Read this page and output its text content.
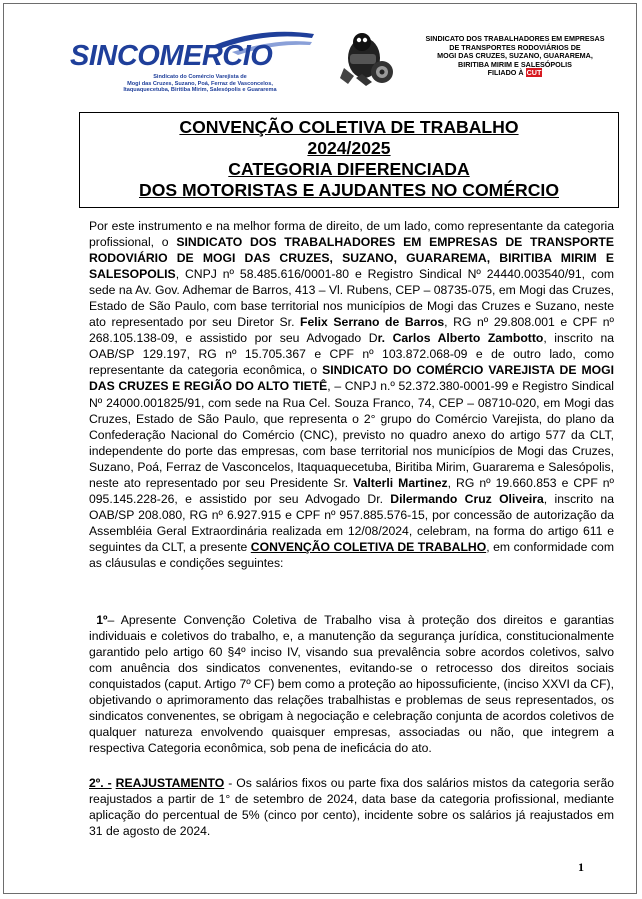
SINCOMERCIO
Sindicato do Comércio Varejista de
Mogi das Cruzes, Suzano, Poá, Ferraz de Vasconcelos,
Itaquaquecetuba, Biritiba Mirim, Salesópolis e Guararema
SINDICATO DOS TRABALHADORES EM EMPRESAS
DE TRANSPORTES RODOVIÁRIOS DE
MOGI DAS CRUZES, SUZANO, GUARAREMA,
BIRITIBA MIRIM E SALESÓPOLIS
FILIADO À CUT
CONVENÇÃO COLETIVA DE TRABALHO
2024/2025
CATEGORIA DIFERENCIADA
DOS MOTORISTAS E AJUDANTES NO COMÉRCIO

Por este instrumento e na melhor forma de direito, de um lado, como representante da categoria profissional, o SINDICATO DOS TRABALHADORES EM EMPRESAS DE TRANSPORTE RODOVIÁRIO DE MOGI DAS CRUZES, SUZANO, GUARAREMA, BIRITIBA MIRIM E SALESOPOLIS, CNPJ nº 58.485.616/0001-80 e Registro Sindical Nº 24440.003540/91, com sede na Av. Gov. Adhemar de Barros, 413 – Vl. Rubens, CEP – 08735-075, em Mogi das Cruzes, Estado de São Paulo, com base territorial nos municípios de Mogi das Cruzes e Suzano, neste ato representado por seu Diretor Sr. Felix Serrano de Barros, RG nº 29.808.001 e CPF nº 268.105.138-09, e assistido por seu Advogado Dr. Carlos Alberto Zambotto, inscrito na OAB/SP 129.197, RG nº 15.705.367 e CPF nº 103.872.068-09 e de outro lado, como representante da categoria econômica, o SINDICATO DO COMÉRCIO VAREJISTA DE MOGI DAS CRUZES E REGIÃO DO ALTO TIETÊ, – CNPJ n.º 52.372.380-0001-99 e Registro Sindical Nº 24000.001825/91, com sede na Rua Cel. Souza Franco, 74, CEP – 08710-020, em Mogi das Cruzes, Estado de São Paulo, que representa o 2° grupo do Comércio Varejista, do plano da Confederação Nacional do Comércio (CNC), previsto no quadro anexo do artigo 577 da CLT, independente do porte das empresas, com base territorial nos municípios de Mogi das Cruzes, Suzano, Poá, Ferraz de Vasconcelos, Itaquaquecetuba, Biritiba Mirim, Guararema e Salesópolis, neste ato representado por seu Presidente Sr. Valterli Martinez, RG nº 19.660.853 e CPF nº 095.145.228-26, e assistido por seu Advogado Dr. Dilermando Cruz Oliveira, inscrito na OAB/SP 208.080, RG nº 6.927.915 e CPF nº 957.885.576-15, por concessão de autorização da Assembléia Geral Extraordinária realizada em 12/08/2024, celebram, na forma do artigo 611 e seguintes da CLT, a presente CONVENÇÃO COLETIVA DE TRABALHO, em conformidade com as cláusulas e condições seguintes:

1º– Apresente Convenção Coletiva de Trabalho visa à proteção dos direitos e garantias individuais e coletivos do trabalho, e, a manutenção da segurança jurídica, constitucionalmente garantido pelo artigo 60 §4º inciso IV, visando sua prevalência sobre acordos coletivos, salvo com anuência dos sindicatos convenentes, evitando-se o retrocesso dos direitos sociais conquistados (caput. Artigo 7º CF) bem como a proteção ao hipossuficiente, (inciso XXVI da CF), objetivando o aprimoramento das relações trabalhistas e problemas de seus representados, os sindicatos convenentes, se obrigam à negociação e celebração conjunta de acordos coletivos de qualquer natureza envolvendo quaisquer empresas, associadas ou não, que integrem a respectiva Categoria econômica, sob pena de ineficácia do ato.

2º. - REAJUSTAMENTO - Os salários fixos ou parte fixa dos salários mistos da categoria serão reajustados a partir de 1° de setembro de 2024, data base da categoria profissional, mediante aplicação do percentual de 5% (cinco por cento), incidente sobre os salários já reajustados em 31 de agosto de 2024.

1
